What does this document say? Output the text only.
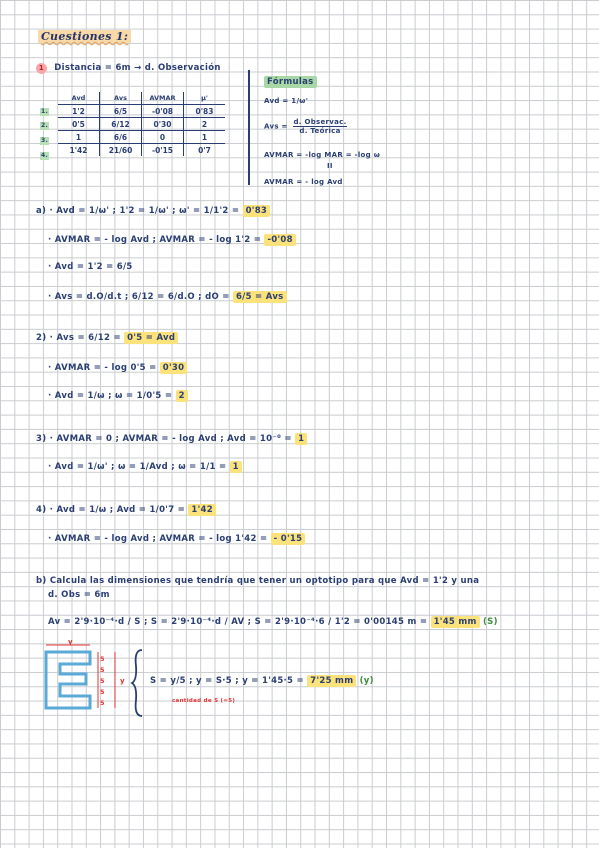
Cuestiones 1:
1 Distancia = 6m → d. Observación
1.
2.
3.
4.
Avd	Avs	AVMAR	μ'
1'2	6/5	-0'08	0'83
0'5	6/12	0'30	2
1	6/6	0	1
1'42	21/60	-0'15	0'7
Fórmulas
Avd = 1/ω'
Avs =
d. Observac.
d. Teórica
AVMAR = -log MAR = -log ω
II
AVMAR = - log Avd
a) · Avd = 1/ω' ; 1'2 = 1/ω' ; ω' = 1/1'2 = 0'83
· AVMAR = - log Avd ; AVMAR = - log 1'2 = -0'08
· Avd = 1'2 = 6/5
· Avs = d.O/d.t ; 6/12 = 6/d.O ; dO = 6/5 = Avs
2) · Avs = 6/12 = 0'5 = Avd
· AVMAR = - log 0'5 = 0'30
· Avd = 1/ω ; ω = 1/0'5 = 2
3) · AVMAR = 0 ; AVMAR = - log Avd ; Avd = 10⁻⁰ = 1
· Avd = 1/ω' ; ω = 1/Avd ; ω = 1/1 = 1
4) · Avd = 1/ω ; Avd = 1/0'7 = 1'42
· AVMAR = - log Avd ; AVMAR = - log 1'42 = - 0'15
b) Calcula las dimensiones que tendría que tener un optotipo para que Avd = 1'2 y una
d. Obs = 6m
Av = 2'9·10⁻⁴·d / S ; S = 2'9·10⁻⁴·d / AV ; S = 2'9·10⁻⁴·6 / 1'2 = 0'00145 m = 1'45 mm (S)
y
5
5
5
5
5
y	S = y/5 ; y = S·5 ; y = 1'45·5 = 7'25 mm (y)
cantidad de S (=5)
